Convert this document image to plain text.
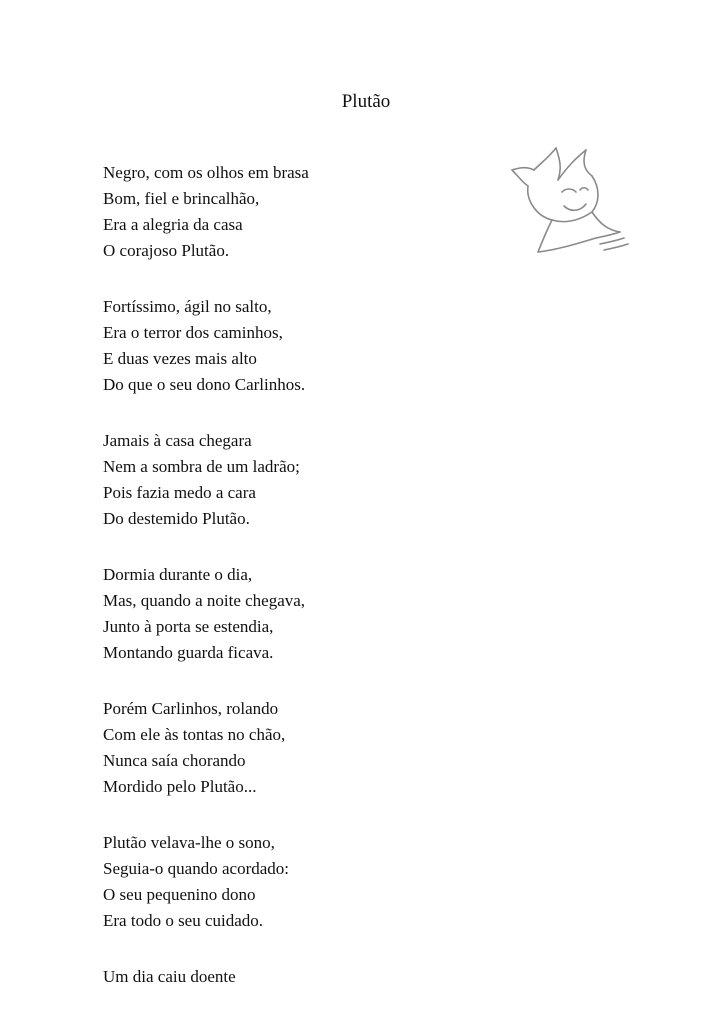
Plutão
Negro, com os olhos em brasa
Bom, fiel e brincalhão,
Era a alegria da casa
O corajoso Plutão.
Fortíssimo, ágil no salto,
Era o terror dos caminhos,
E duas vezes mais alto
Do que o seu dono Carlinhos.
Jamais à casa chegara
Nem a sombra de um ladrão;
Pois fazia medo a cara
Do destemido Plutão.
Dormia durante o dia,
Mas, quando a noite chegava,
Junto à porta se estendia,
Montando guarda ficava.
Porém Carlinhos, rolando
Com ele às tontas no chão,
Nunca saía chorando
Mordido pelo Plutão...
Plutão velava-lhe o sono,
Seguia-o quando acordado:
O seu pequenino dono
Era todo o seu cuidado.
Um dia caiu doente
